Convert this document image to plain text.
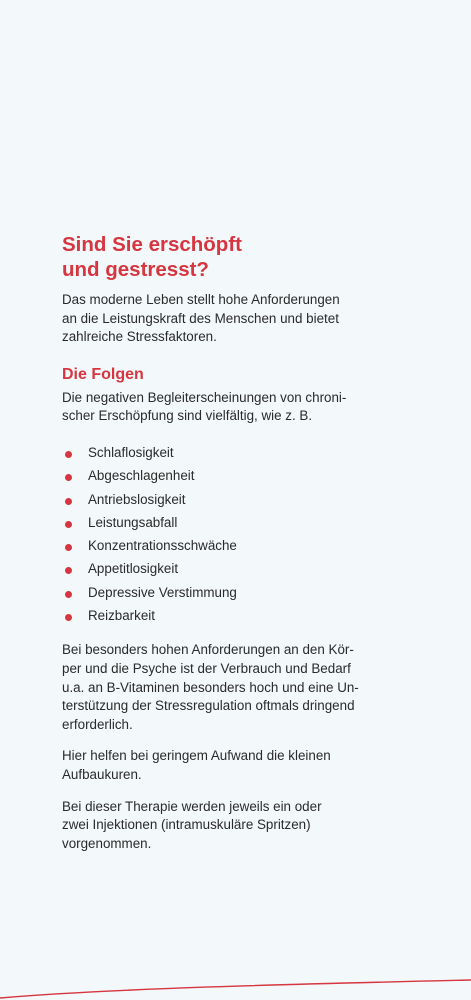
Sind Sie erschöpft
und gestresst?

Das moderne Leben stellt hohe Anforderungen
an die Leistungskraft des Menschen und bietet
zahlreiche Stressfaktoren.

Die Folgen

Die negativen Begleiterscheinungen von chroni-
scher Erschöpfung sind vielfältig, wie z. B.

Schlaflosigkeit
Abgeschlagenheit
Antriebslosigkeit
Leistungsabfall
Konzentrationsschwäche
Appetitlosigkeit
Depressive Verstimmung
Reizbarkeit

Bei besonders hohen Anforderungen an den Kör-
per und die Psyche ist der Verbrauch und Bedarf
u.a. an B-Vitaminen besonders hoch und eine Un-
terstützung der Stressregulation oftmals dringend
erforderlich.

Hier helfen bei geringem Aufwand die kleinen
Aufbaukuren.

Bei dieser Therapie werden jeweils ein oder
zwei Injektionen (intramuskuläre Spritzen)
vorgenommen.
